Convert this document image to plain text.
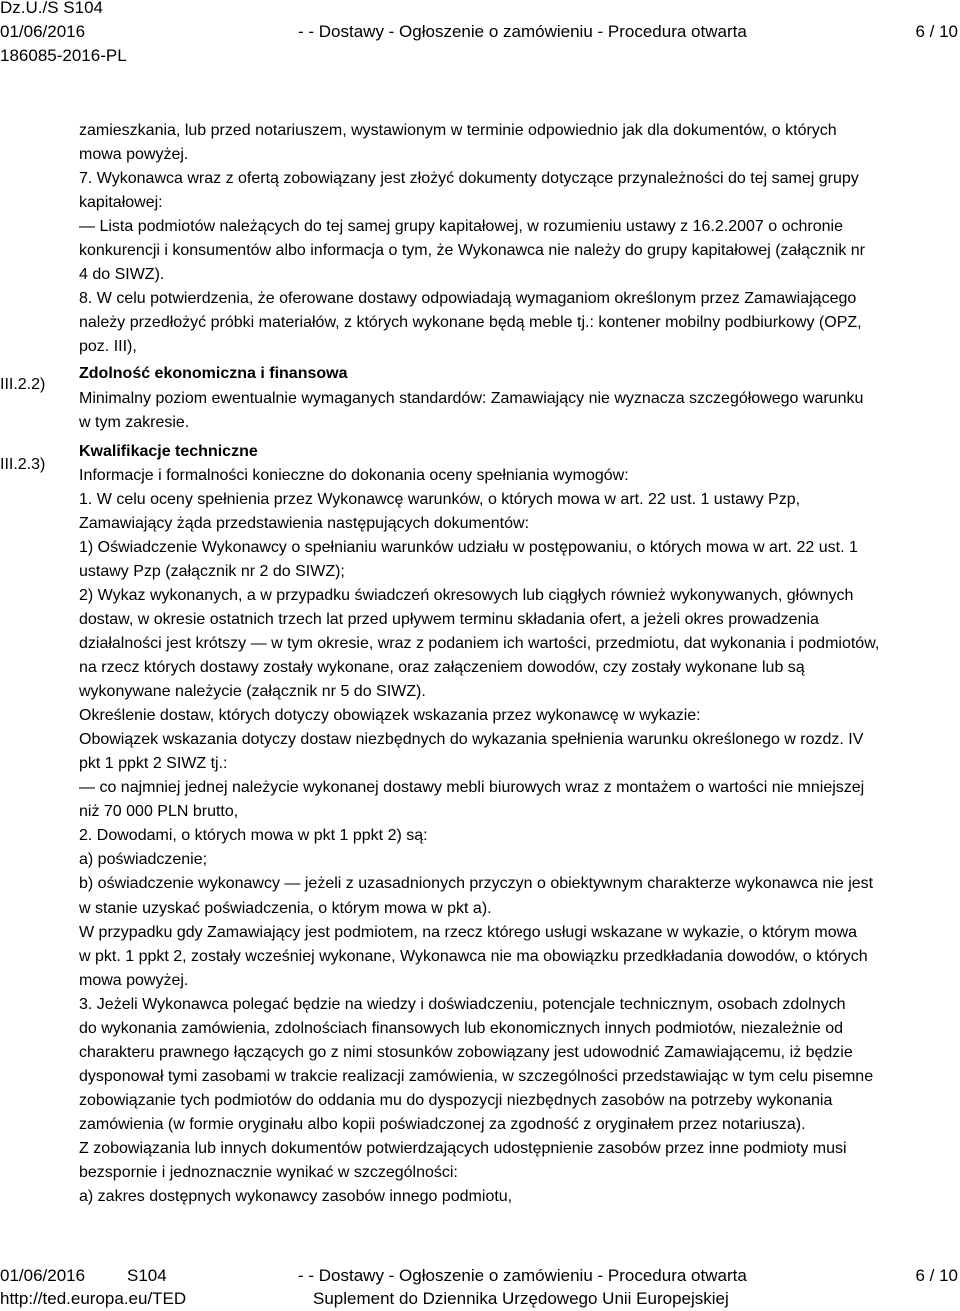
Dz.U./S S104
01/06/2016
186085-2016-PL
- - Dostawy - Ogłoszenie o zamówieniu - Procedura otwarta	6 / 10
III.2.2)
III.2.3)
zamieszkania, lub przed notariuszem, wystawionym w terminie odpowiednio jak dla dokumentów, o których
mowa powyżej.
7. Wykonawca wraz z ofertą zobowiązany jest złożyć dokumenty dotyczące przynależności do tej samej grupy
kapitałowej:
— Lista podmiotów należących do tej samej grupy kapitałowej, w rozumieniu ustawy z 16.2.2007 o ochronie
konkurencji i konsumentów albo informacja o tym, że Wykonawca nie należy do grupy kapitałowej (załącznik nr
4 do SIWZ).
8. W celu potwierdzenia, że oferowane dostawy odpowiadają wymaganiom określonym przez Zamawiającego
należy przedłożyć próbki materiałów, z których wykonane będą meble tj.: kontener mobilny podbiurkowy (OPZ,
poz. III),
Zdolność ekonomiczna i finansowa
Minimalny poziom ewentualnie wymaganych standardów: Zamawiający nie wyznacza szczegółowego warunku
w tym zakresie.
Kwalifikacje techniczne
Informacje i formalności konieczne do dokonania oceny spełniania wymogów:
1. W celu oceny spełnienia przez Wykonawcę warunków, o których mowa w art. 22 ust. 1 ustawy Pzp,
Zamawiający żąda przedstawienia następujących dokumentów:
1) Oświadczenie Wykonawcy o spełnianiu warunków udziału w postępowaniu, o których mowa w art. 22 ust. 1
ustawy Pzp (załącznik nr 2 do SIWZ);
2) Wykaz wykonanych, a w przypadku świadczeń okresowych lub ciągłych również wykonywanych, głównych
dostaw, w okresie ostatnich trzech lat przed upływem terminu składania ofert, a jeżeli okres prowadzenia
działalności jest krótszy — w tym okresie, wraz z podaniem ich wartości, przedmiotu, dat wykonania i podmiotów,
na rzecz których dostawy zostały wykonane, oraz załączeniem dowodów, czy zostały wykonane lub są
wykonywane należycie (załącznik nr 5 do SIWZ).
Określenie dostaw, których dotyczy obowiązek wskazania przez wykonawcę w wykazie:
Obowiązek wskazania dotyczy dostaw niezbędnych do wykazania spełnienia warunku określonego w rozdz. IV
pkt 1 ppkt 2 SIWZ tj.:
— co najmniej jednej należycie wykonanej dostawy mebli biurowych wraz z montażem o wartości nie mniejszej
niż 70 000 PLN brutto,
2. Dowodami, o których mowa w pkt 1 ppkt 2) są:
a) poświadczenie;
b) oświadczenie wykonawcy — jeżeli z uzasadnionych przyczyn o obiektywnym charakterze wykonawca nie jest
w stanie uzyskać poświadczenia, o którym mowa w pkt a).
W przypadku gdy Zamawiający jest podmiotem, na rzecz którego usługi wskazane w wykazie, o którym mowa
w pkt. 1 ppkt 2, zostały wcześniej wykonane, Wykonawca nie ma obowiązku przedkładania dowodów, o których
mowa powyżej.
3. Jeżeli Wykonawca polegać będzie na wiedzy i doświadczeniu, potencjale technicznym, osobach zdolnych
do wykonania zamówienia, zdolnościach finansowych lub ekonomicznych innych podmiotów, niezależnie od
charakteru prawnego łączących go z nimi stosunków zobowiązany jest udowodnić Zamawiającemu, iż będzie
dysponował tymi zasobami w trakcie realizacji zamówienia, w szczególności przedstawiając w tym celu pisemne
zobowiązanie tych podmiotów do oddania mu do dyspozycji niezbędnych zasobów na potrzeby wykonania
zamówienia (w formie oryginału albo kopii poświadczonej za zgodność z oryginałem przez notariusza).
Z zobowiązania lub innych dokumentów potwierdzających udostępnienie zasobów przez inne podmioty musi
bezspornie i jednoznacznie wynikać w szczególności:
a) zakres dostępnych wykonawcy zasobów innego podmiotu,
01/06/2016 S104
http://ted.europa.eu/TED
- - Dostawy - Ogłoszenie o zamówieniu - Procedura otwarta
Suplement do Dziennika Urzędowego Unii Europejskiej
6 / 10
